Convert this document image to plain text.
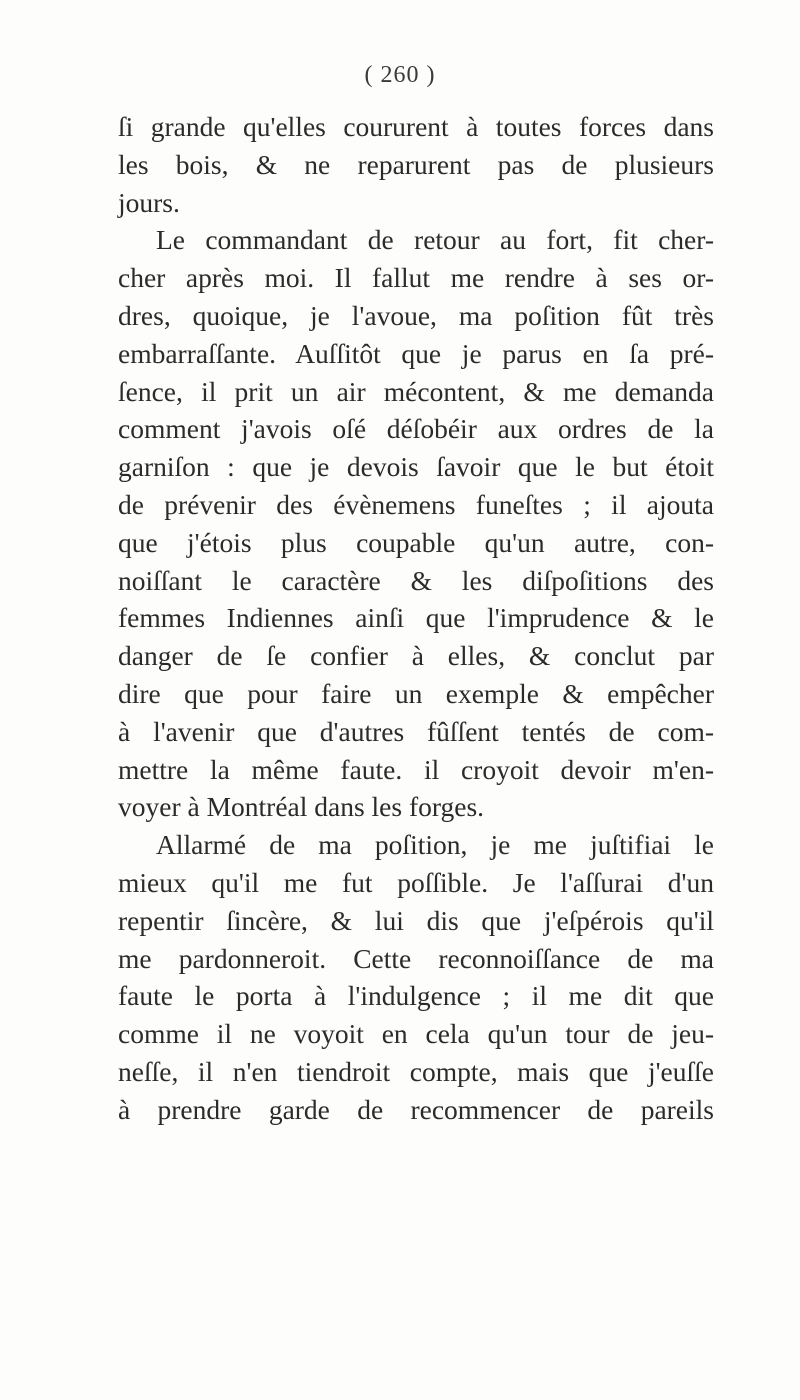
( 260 )

ſi grande qu'elles coururent à toutes forces dans
les bois, & ne reparurent pas de plusieurs
jours.

Le commandant de retour au fort, fit cher-
cher après moi. Il fallut me rendre à ses or-
dres, quoique, je l'avoue, ma poſition fût très
embarraſſante. Auſſitôt que je parus en ſa pré-
ſence, il prit un air mécontent, & me demanda
comment j'avois oſé déſobéir aux ordres de la
garniſon : que je devois ſavoir que le but étoit
de prévenir des évènemens funeſtes ; il ajouta
que j'étois plus coupable qu'un autre, con-
noiſſant le caractère & les diſpoſitions des
femmes Indiennes ainſi que l'imprudence & le
danger de ſe confier à elles, & conclut par
dire que pour faire un exemple & empêcher
à l'avenir que d'autres fûſſent tentés de com-
mettre la même faute. il croyoit devoir m'en-
voyer à Montréal dans les forges.

Allarmé de ma poſition, je me juſtifiai le
mieux qu'il me fut poſſible. Je l'aſſurai d'un
repentir ſincère, & lui dis que j'eſpérois qu'il
me pardonneroit. Cette reconnoiſſance de ma
faute le porta à l'indulgence ; il me dit que
comme il ne voyoit en cela qu'un tour de jeu-
neſſe, il n'en tiendroit compte, mais que j'euſſe
à prendre garde de recommencer de pareils
